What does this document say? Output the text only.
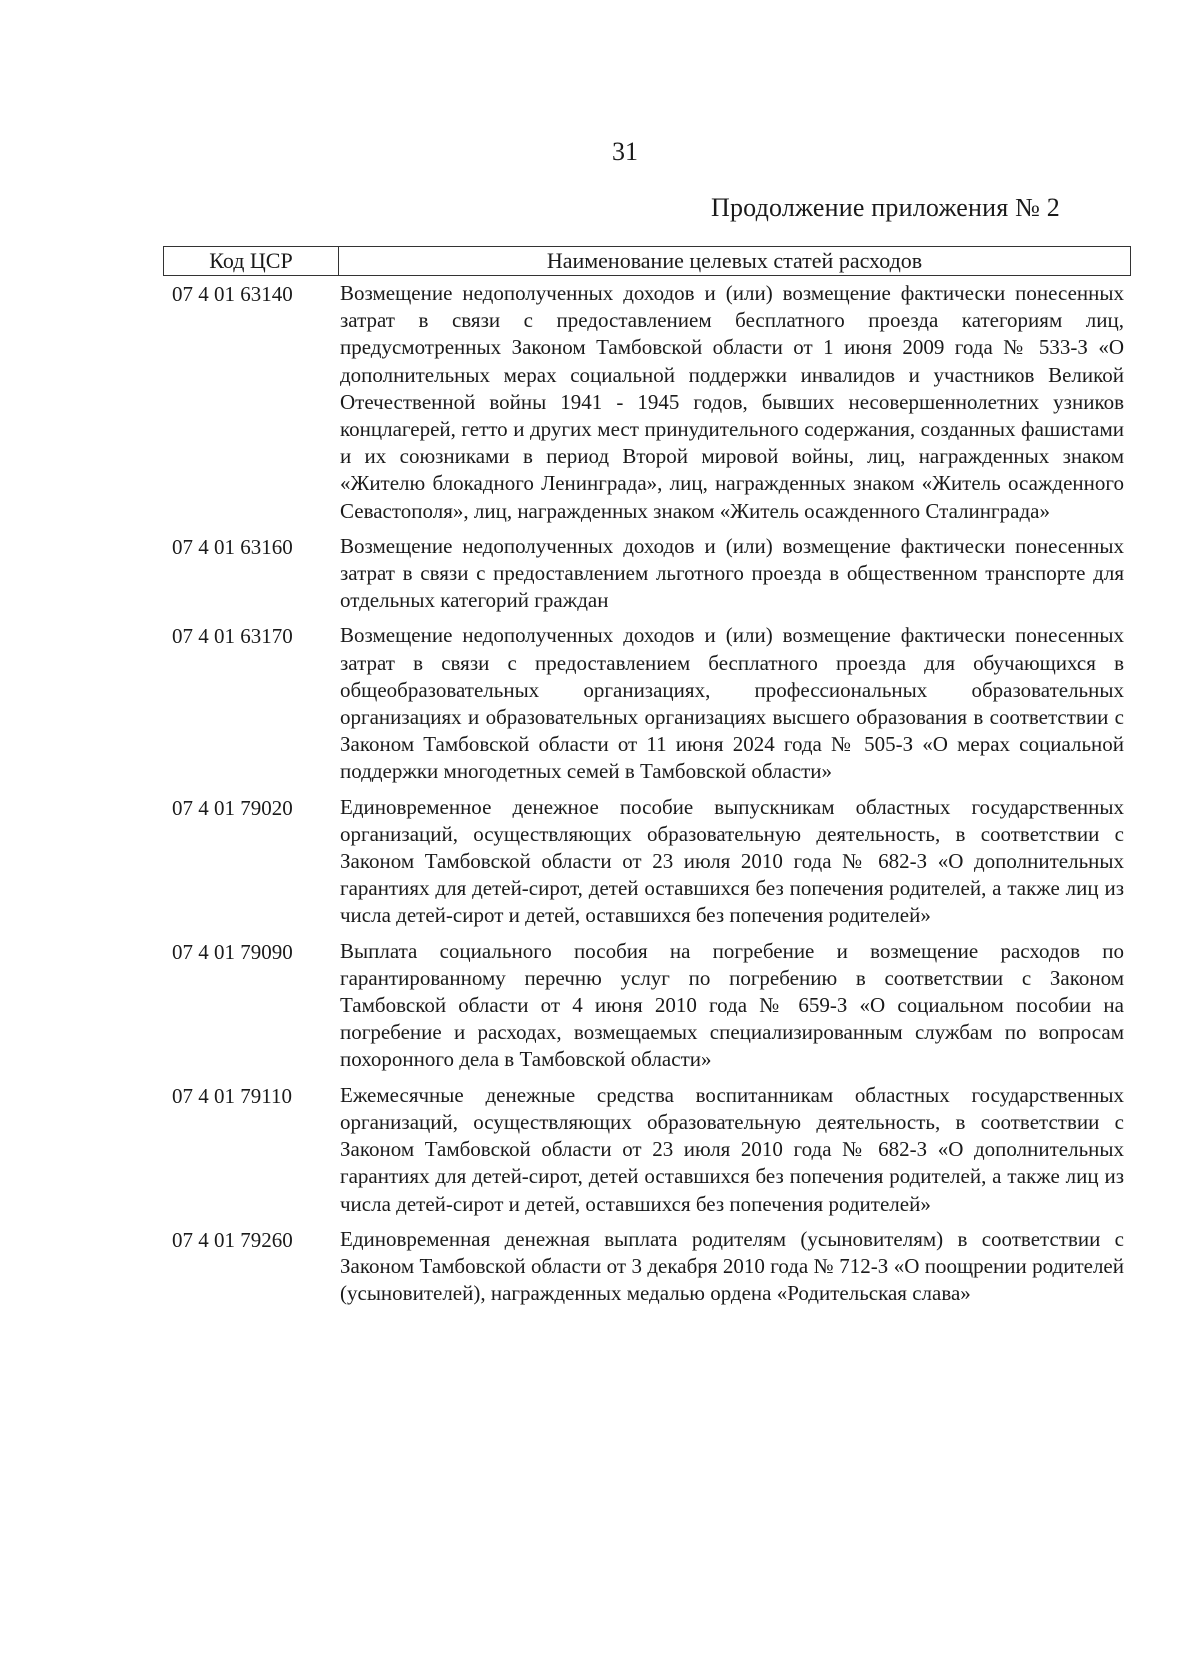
31
Продолжение приложения № 2
Код ЦСР	Наименование целевых статей расходов
07 4 01 63140	Возмещение недополученных доходов и (или) возмещение фактически понесенных затрат в связи с предоставлением бесплатного проезда категориям лиц, предусмотренных Законом Тамбовской области от 1 июня 2009 года № 533-З «О дополнительных мерах социальной поддержки инвалидов и участников Великой Отечественной войны 1941 - 1945 годов, бывших несовершеннолетних узников концлагерей, гетто и других мест принудительного содержания, созданных фашистами и их союзниками в период Второй мировой войны, лиц, награжденных знаком «Жителю блокадного Ленинграда», лиц, награжденных знаком «Житель осажденного Севастополя», лиц, награжденных знаком «Житель осажденного Сталинграда»
07 4 01 63160	Возмещение недополученных доходов и (или) возмещение фактически понесенных затрат в связи с предоставлением льготного проезда в общественном транспорте для отдельных категорий граждан
07 4 01 63170	Возмещение недополученных доходов и (или) возмещение фактически понесенных затрат в связи с предоставлением бесплатного проезда для обучающихся в общеобразовательных организациях, профессиональных образовательных организациях и образовательных организациях высшего образования в соответствии с Законом Тамбовской области от 11 июня 2024 года № 505-З «О мерах социальной поддержки многодетных семей в Тамбовской области»
07 4 01 79020	Единовременное денежное пособие выпускникам областных государственных организаций, осуществляющих образовательную деятельность, в соответствии с Законом Тамбовской области от 23 июля 2010 года № 682-З «О дополнительных гарантиях для детей-сирот, детей оставшихся без попечения родителей, а также лиц из числа детей-сирот и детей, оставшихся без попечения родителей»
07 4 01 79090	Выплата социального пособия на погребение и возмещение расходов по гарантированному перечню услуг по погребению в соответствии с Законом Тамбовской области от 4 июня 2010 года № 659-З «О социальном пособии на погребение и расходах, возмещаемых специализированным службам по вопросам похоронного дела в Тамбовской области»
07 4 01 79110	Ежемесячные денежные средства воспитанникам областных государственных организаций, осуществляющих образовательную деятельность, в соответствии с Законом Тамбовской области от 23 июля 2010 года № 682-З «О дополнительных гарантиях для детей-сирот, детей оставшихся без попечения родителей, а также лиц из числа детей-сирот и детей, оставшихся без попечения родителей»
07 4 01 79260	Единовременная денежная выплата родителям (усыновителям) в соответствии с Законом Тамбовской области от 3 декабря 2010 года № 712-З «О поощрении родителей (усыновителей), награжденных медалью ордена «Родительская слава»
